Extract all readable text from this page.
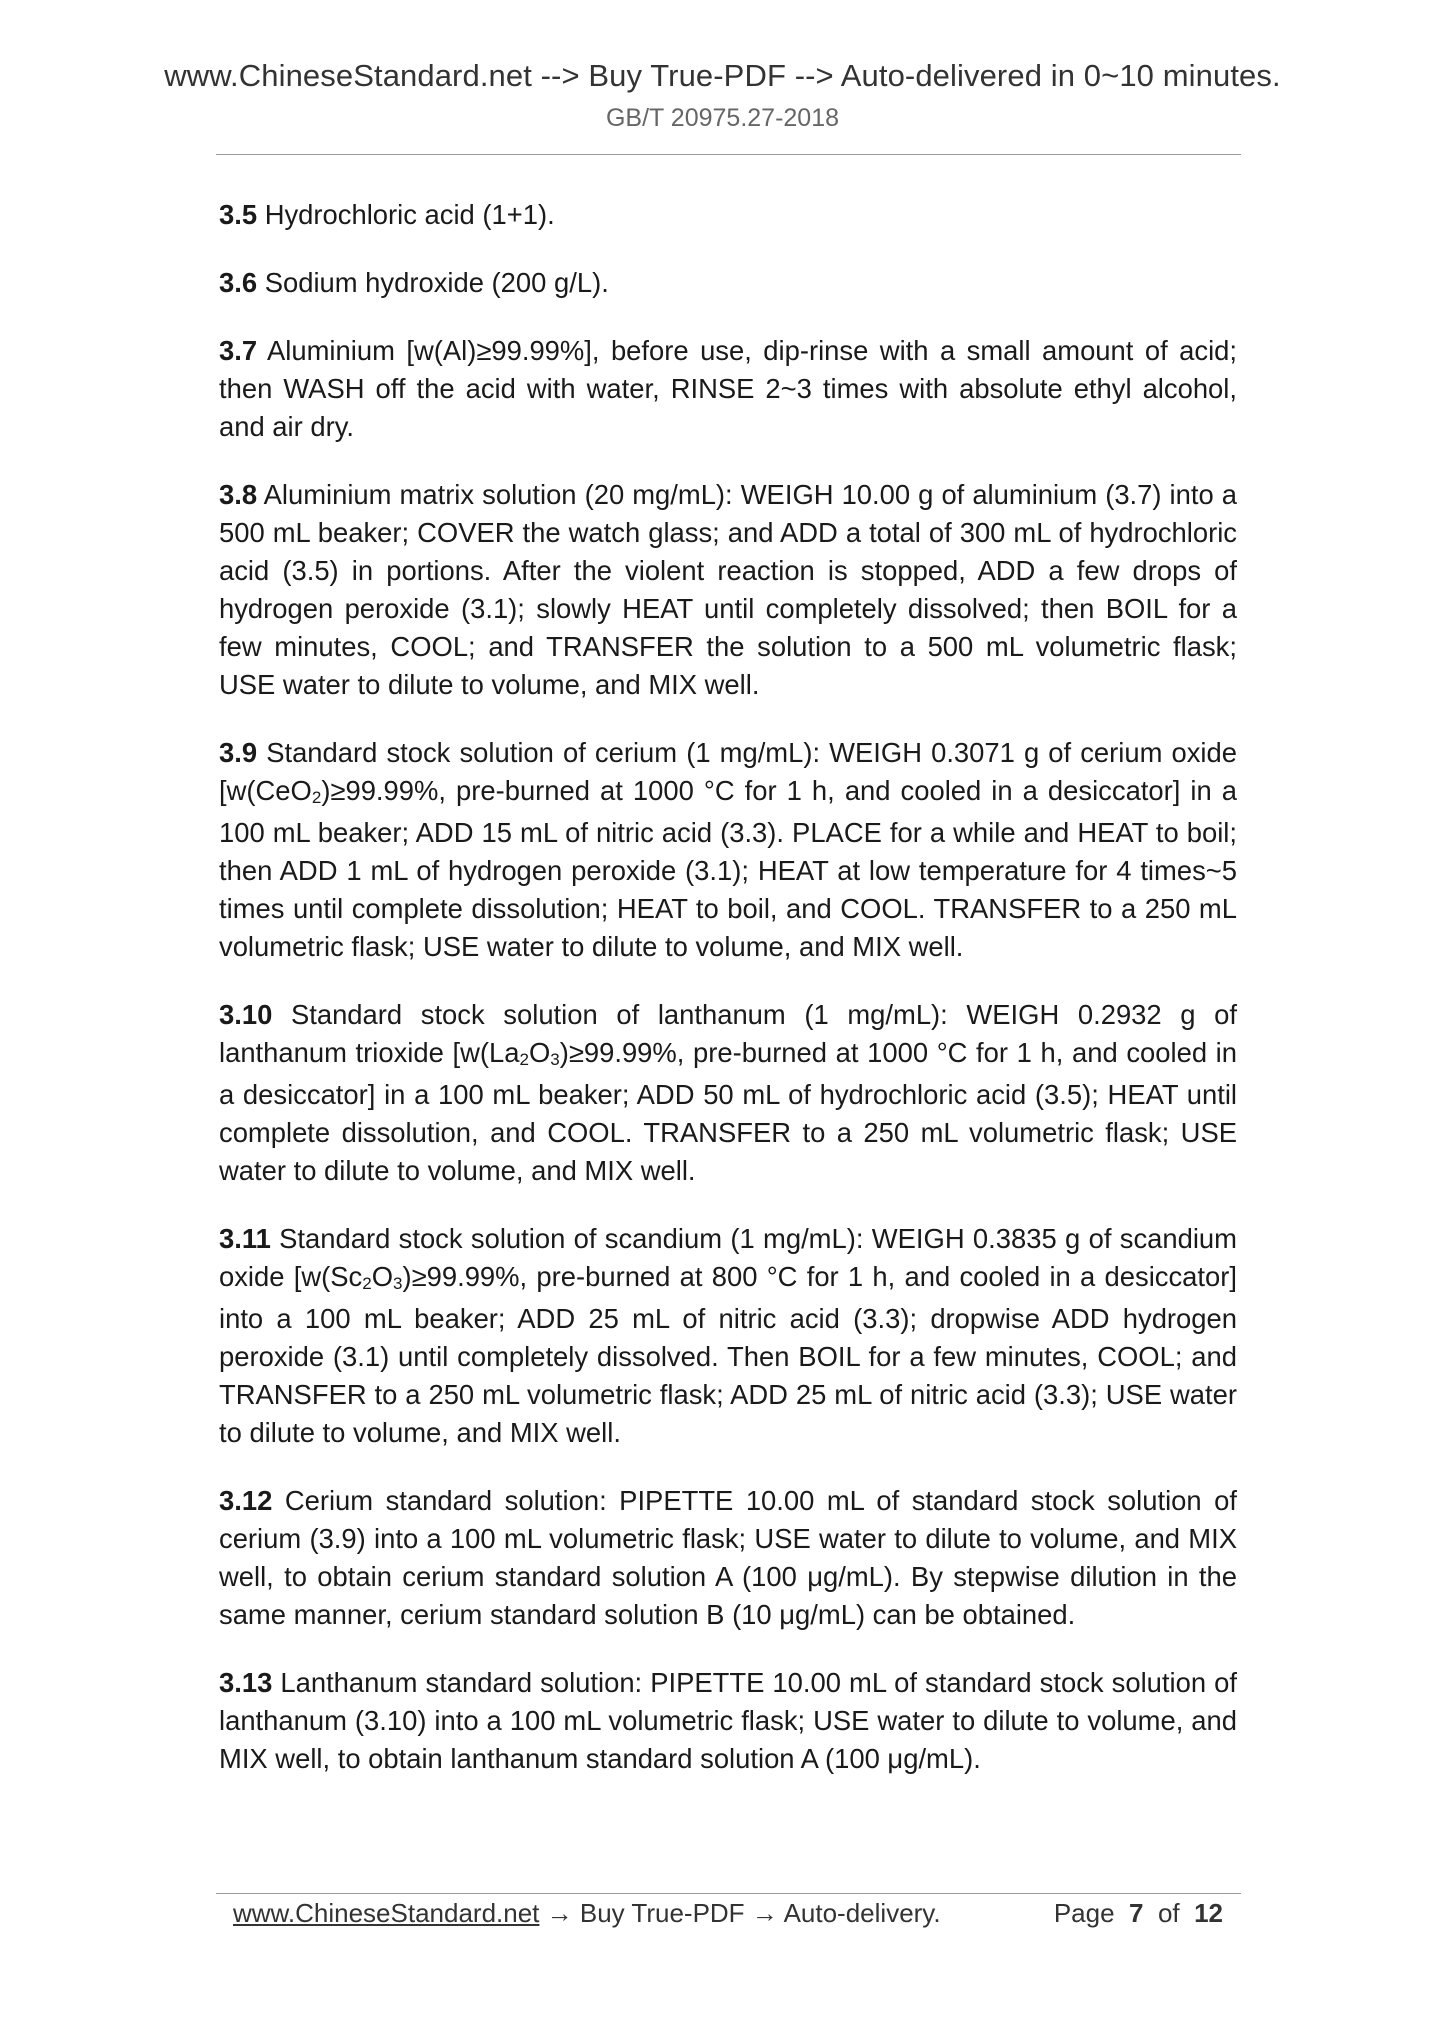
www.ChineseStandard.net --> Buy True-PDF --> Auto-delivered in 0~10 minutes.
GB/T 20975.27-2018

3.5 Hydrochloric acid (1+1).

3.6 Sodium hydroxide (200 g/L).

3.7 Aluminium [w(Al)≥99.99%], before use, dip-rinse with a small amount of acid; then WASH off the acid with water, RINSE 2~3 times with absolute ethyl alcohol, and air dry.

3.8 Aluminium matrix solution (20 mg/mL): WEIGH 10.00 g of aluminium (3.7) into a 500 mL beaker; COVER the watch glass; and ADD a total of 300 mL of hydrochloric acid (3.5) in portions. After the violent reaction is stopped, ADD a few drops of hydrogen peroxide (3.1); slowly HEAT until completely dissolved; then BOIL for a few minutes, COOL; and TRANSFER the solution to a 500 mL volumetric flask; USE water to dilute to volume, and MIX well.

3.9 Standard stock solution of cerium (1 mg/mL): WEIGH 0.3071 g of cerium oxide [w(CeO$_2$)≥99.99%, pre-burned at 1000 °C for 1 h, and cooled in a desiccator] in a 100 mL beaker; ADD 15 mL of nitric acid (3.3). PLACE for a while and HEAT to boil; then ADD 1 mL of hydrogen peroxide (3.1); HEAT at low temperature for 4 times~5 times until complete dissolution; HEAT to boil, and COOL. TRANSFER to a 250 mL volumetric flask; USE water to dilute to volume, and MIX well.

3.10 Standard stock solution of lanthanum (1 mg/mL): WEIGH 0.2932 g of lanthanum trioxide [$w(La_2O_3)\ge 99.99\%$, pre-burned at 1000 °C for 1 h, and cooled in a desiccator] in a 100 mL beaker; ADD 50 mL of hydrochloric acid (3.5); HEAT until complete dissolution, and COOL. TRANSFER to a 250 mL volumetric flask; USE water to dilute to volume, and MIX well.

3.11 Standard stock solution of scandium (1 mg/mL): WEIGH 0.3835 g of scandium oxide [$w(Sc_2O_3)\ge 99.99\%$, pre-burned at 800 °C for 1 h, and cooled in a desiccator] into a 100 mL beaker; ADD 25 mL of nitric acid (3.3); dropwise ADD hydrogen peroxide (3.1) until completely dissolved. Then BOIL for a few minutes, COOL; and TRANSFER to a 250 mL volumetric flask; ADD 25 mL of nitric acid (3.3); USE water to dilute to volume, and MIX well.

3.12 Cerium standard solution: PIPETTE 10.00 mL of standard stock solution of cerium (3.9) into a 100 mL volumetric flask; USE water to dilute to volume, and MIX well, to obtain cerium standard solution A (100 μg/mL). By stepwise dilution in the same manner, cerium standard solution B (10 μg/mL) can be obtained.

3.13 Lanthanum standard solution: PIPETTE 10.00 mL of standard stock solution of lanthanum (3.10) into a 100 mL volumetric flask; USE water to dilute to volume, and MIX well, to obtain lanthanum standard solution A (100 μg/mL).

www.ChineseStandard.net → Buy True-PDF → Auto-delivery.	Page 7 of 12
